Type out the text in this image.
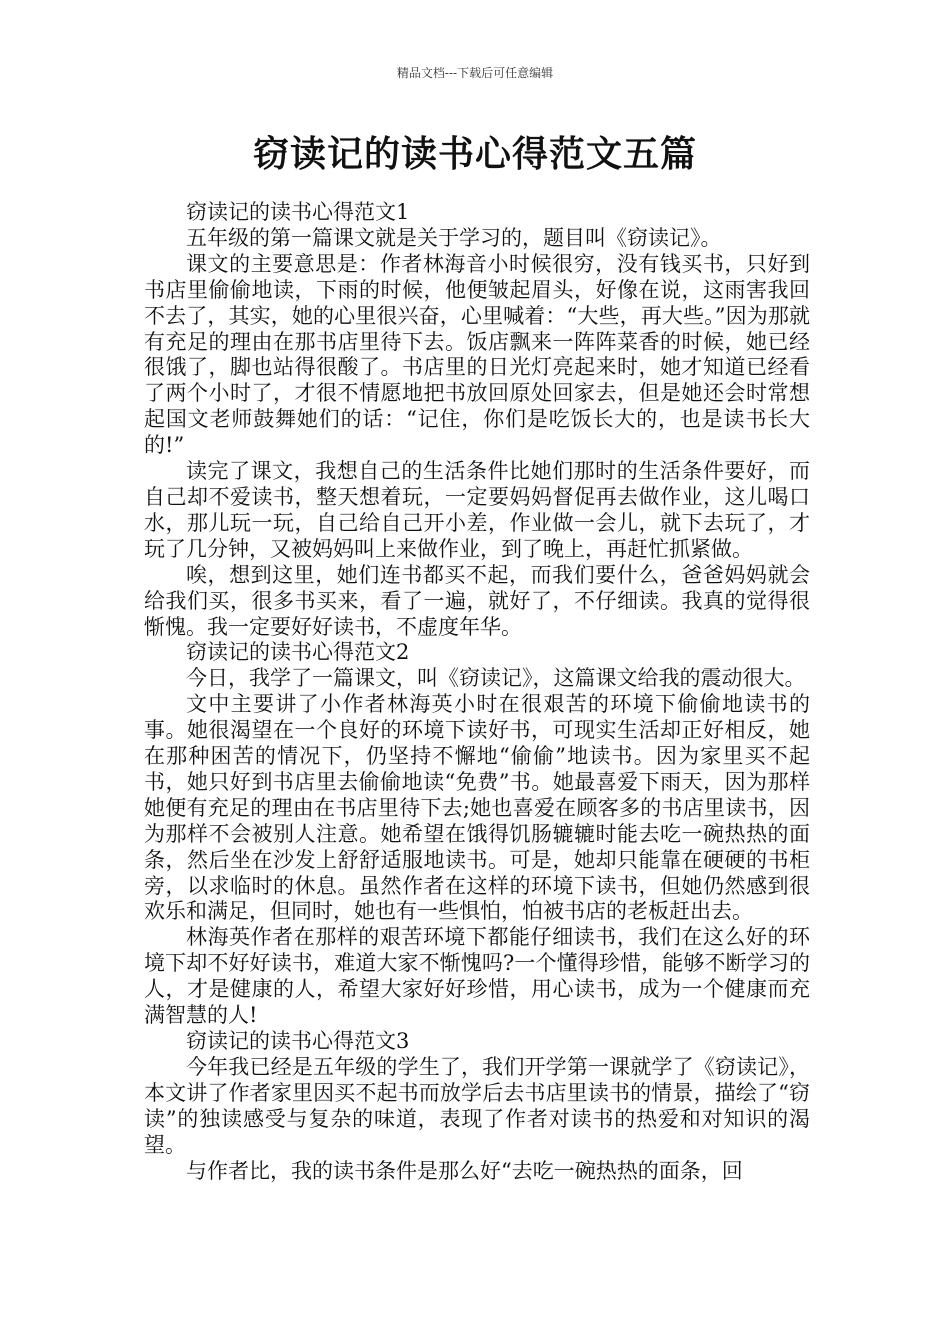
精品文档---下载后可任意编辑
窃读记的读书心得范文五篇

窃读记的读书心得范文1

五年级的第一篇课文就是关于学习的，题目叫《窃读记》。

课文的主要意思是：作者林海音小时候很穷，没有钱买书，只好到书店里偷偷地读，下雨的时候，他便皱起眉头，好像在说，这雨害我回不去了，其实，她的心里很兴奋，心里喊着：“大些，再大些。”因为那就有充足的理由在那书店里待下去。饭店飘来一阵阵菜香的时候，她已经很饿了，脚也站得很酸了。书店里的日光灯亮起来时，她才知道已经看了两个小时了，才很不情愿地把书放回原处回家去，但是她还会时常想起国文老师鼓舞她们的话：“记住，你们是吃饭长大的，也是读书长大的!”

读完了课文，我想自己的生活条件比她们那时的生活条件要好，而自己却不爱读书，整天想着玩，一定要妈妈督促再去做作业，这儿喝口水，那儿玩一玩，自己给自己开小差，作业做一会儿，就下去玩了，才玩了几分钟，又被妈妈叫上来做作业，到了晚上，再赶忙抓紧做。

唉，想到这里，她们连书都买不起，而我们要什么，爸爸妈妈就会给我们买，很多书买来，看了一遍，就好了，不仔细读。我真的觉得很惭愧。我一定要好好读书，不虚度年华。

窃读记的读书心得范文2

今日，我学了一篇课文，叫《窃读记》，这篇课文给我的震动很大。

文中主要讲了小作者林海英小时在很艰苦的环境下偷偷地读书的事。她很渴望在一个良好的环境下读好书，可现实生活却正好相反，她在那种困苦的情况下，仍坚持不懈地“偷偷”地读书。因为家里买不起书，她只好到书店里去偷偷地读“免费”书。她最喜爱下雨天，因为那样她便有充足的理由在书店里待下去;她也喜爱在顾客多的书店里读书，因为那样不会被别人注意。她希望在饿得饥肠辘辘时能去吃一碗热热的面条，然后坐在沙发上舒舒适服地读书。可是，她却只能靠在硬硬的书柜旁，以求临时的休息。虽然作者在这样的环境下读书，但她仍然感到很欢乐和满足，但同时，她也有一些惧怕，怕被书店的老板赶出去。

林海英作者在那样的艰苦环境下都能仔细读书，我们在这么好的环境下却不好好读书，难道大家不惭愧吗?一个懂得珍惜，能够不断学习的人，才是健康的人，希望大家好好珍惜，用心读书，成为一个健康而充满智慧的人!

窃读记的读书心得范文3

今年我已经是五年级的学生了，我们开学第一课就学了《窃读记》，本文讲了作者家里因买不起书而放学后去书店里读书的情景，描绘了“窃读”的独读感受与复杂的味道，表现了作者对读书的热爱和对知识的渴望。

与作者比，我的读书条件是那么好“去吃一碗热热的面条，回
